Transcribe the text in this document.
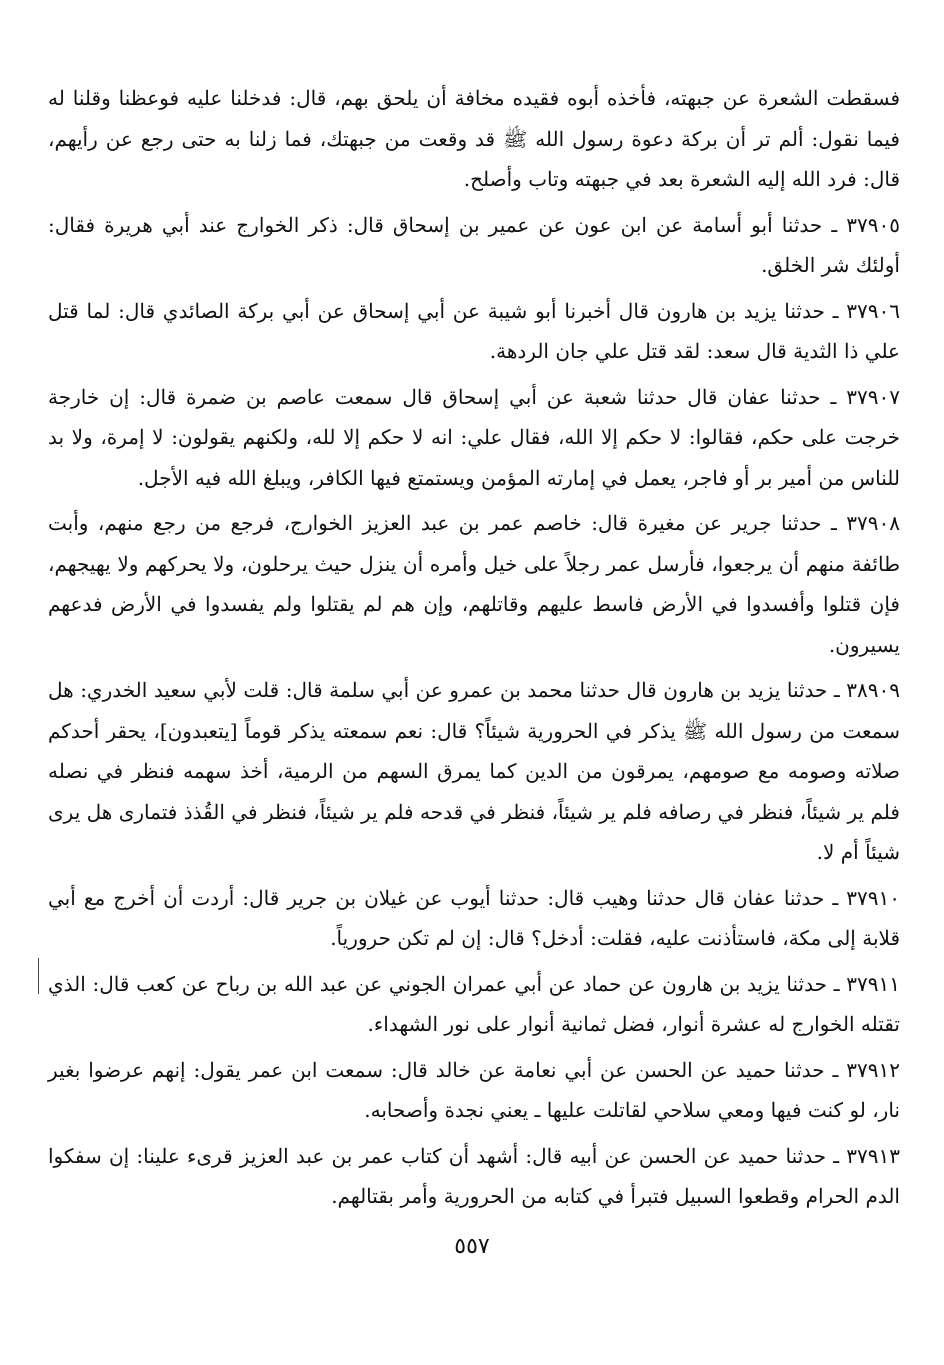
فسقطت الشعرة عن جبهته، فأخذه أبوه فقيده مخافة أن يلحق بهم، قال: فدخلنا عليه فوعظنا وقلنا له فيما نقول: ألم تر أن بركة دعوة رسول الله ﷺ قد وقعت من جبهتك، فما زلنا به حتى رجع عن رأيهم، قال: فرد الله إليه الشعرة بعد في جبهته وتاب وأصلح.

٣٧٩٠٥ ـ حدثنا أبو أسامة عن ابن عون عن عمير بن إسحاق قال: ذكر الخوارج عند أبي هريرة فقال: أولئك شر الخلق.

٣٧٩٠٦ ـ حدثنا يزيد بن هارون قال أخبرنا أبو شيبة عن أبي إسحاق عن أبي بركة الصائدي قال: لما قتل علي ذا الثدية قال سعد: لقد قتل علي جان الردهة.

٣٧٩٠٧ ـ حدثنا عفان قال حدثنا شعبة عن أبي إسحاق قال سمعت عاصم بن ضمرة قال: إن خارجة خرجت على حكم، فقالوا: لا حكم إلا الله، فقال علي: انه لا حكم إلا لله، ولكنهم يقولون: لا إمرة، ولا بد للناس من أمير بر أو فاجر، يعمل في إمارته المؤمن ويستمتع فيها الكافر، ويبلغ الله فيه الأجل.

٣٧٩٠٨ ـ حدثنا جرير عن مغيرة قال: خاصم عمر بن عبد العزيز الخوارج، فرجع من رجع منهم، وأبت طائفة منهم أن يرجعوا، فأرسل عمر رجلاً على خيل وأمره أن ينزل حيث يرحلون، ولا يحركهم ولا يهيجهم، فإن قتلوا وأفسدوا في الأرض فاسط عليهم وقاتلهم، وإن هم لم يقتلوا ولم يفسدوا في الأرض فدعهم يسيرون.

٣٨٩٠٩ ـ حدثنا يزيد بن هارون قال حدثنا محمد بن عمرو عن أبي سلمة قال: قلت لأبي سعيد الخدري: هل سمعت من رسول الله ﷺ يذكر في الحرورية شيئاً؟ قال: نعم سمعته يذكر قوماً [يتعبدون]، يحقر أحدكم صلاته وصومه مع صومهم، يمرقون من الدين كما يمرق السهم من الرمية، أخذ سهمه فنظر في نصله فلم ير شيئاً، فنظر في رصافه فلم ير شيئاً، فنظر في قدحه فلم ير شيئاً، فنظر في القُذذ فتمارى هل يرى شيئاً أم لا.

٣٧٩١٠ ـ حدثنا عفان قال حدثنا وهيب قال: حدثنا أيوب عن غيلان بن جرير قال: أردت أن أخرج مع أبي قلابة إلى مكة، فاستأذنت عليه، فقلت: أدخل؟ قال: إن لم تكن حرورياً.

٣٧٩١١ ـ حدثنا يزيد بن هارون عن حماد عن أبي عمران الجوني عن عبد الله بن رباح عن كعب قال: الذي تقتله الخوارج له عشرة أنوار، فضل ثمانية أنوار على نور الشهداء.

٣٧٩١٢ ـ حدثنا حميد عن الحسن عن أبي نعامة عن خالد قال: سمعت ابن عمر يقول: إنهم عرضوا بغير نار، لو كنت فيها ومعي سلاحي لقاتلت عليها ـ يعني نجدة وأصحابه.

٣٧٩١٣ ـ حدثنا حميد عن الحسن عن أبيه قال: أشهد أن كتاب عمر بن عبد العزيز قرىء علينا: إن سفكوا الدم الحرام وقطعوا السبيل فتبرأ في كتابه من الحرورية وأمر بقتالهم.

٥٥٧
